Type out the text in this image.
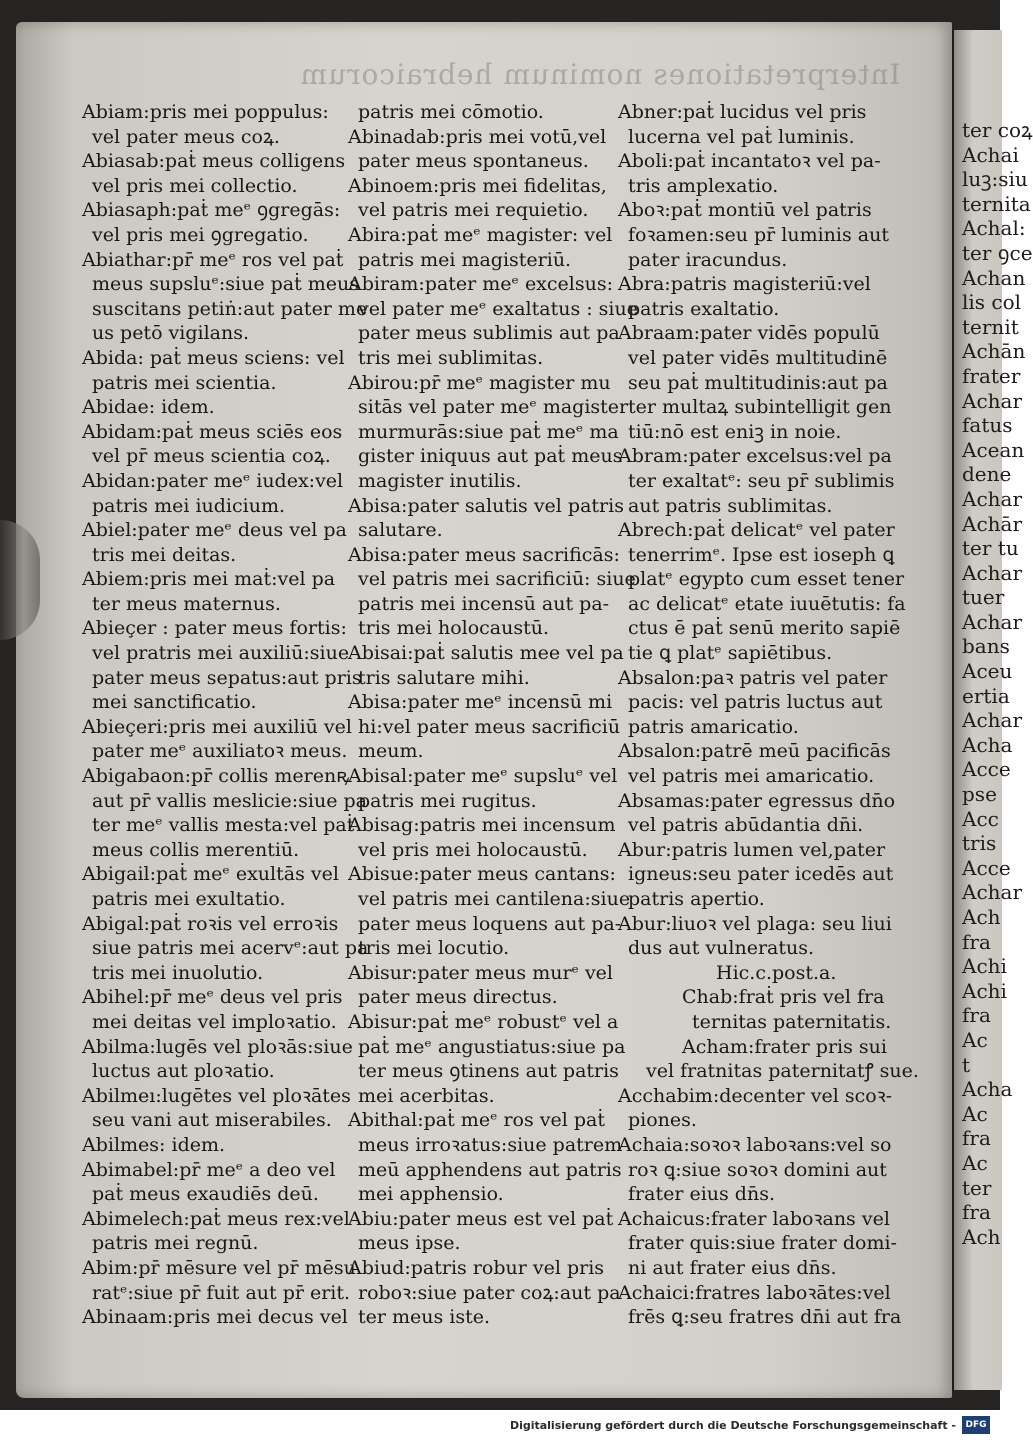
ter coꝝ
Achai
luꝫ:siu
ternita
Achal:
ter ꝯce
Achan
lis col
ternit
Achān
frater
Achar
fatus
Acean
dene
Achar
Achār
ter tu
Achar
tuer
Achar
bans
Aceu
ertia
Achar
Acha
Acce
pse
Acc
tris
Acce
Achar
Ach
fra
Achi
Achi
fra
Ac
t
Acha
Ac
fra
Ac
ter
fra
Ach
Interpretationes nominum hebraicorum
Abiam:pris mei poppulus:
vel pater meus coꝝ.
Abiasab:paṫ meus colligens
vel pris mei collectio.
Abiasaph:paṫ meᵉ ꝯgregās:
vel pris mei ꝯgregatio.
Abiathar:pr̄ meᵉ ros vel paṫ
meus supsluᵉ:siue paṫ meus
suscitans petiṅ:aut pater me
us petō vigilans.
Abida: paṫ meus sciens: vel
patris mei scientia.
Abidae: idem.
Abidam:paṫ meus sciēs eos
vel pr̄ meus scientia coꝝ.
Abidan:pater meᵉ iudex:vel
patris mei iudicium.
Abiel:pater meᵉ deus vel pa
tris mei deitas.
Abiem:pris mei maṫ:vel pa
ter meus maternus.
Abieçer : pater meus fortis:
vel pratris mei auxiliū:siue
pater meus sepatus:aut pris
mei sanctificatio.
Abieçeri:pris mei auxiliū vel
pater meᵉ auxiliatoꝛ meus.
Abigabaon:pr̄ collis merenꝶ
aut pr̄ vallis meslicie:siue pa
ter meᵉ vallis mesta:vel paṫ
meus collis merentiū.
Abigail:paṫ meᵉ exultās vel
patris mei exultatio.
Abigal:paṫ roꝛis vel erroꝛis
siue patris mei acervᵉ:aut pa
tris mei inuolutio.
Abihel:pr̄ meᵉ deus vel pris
mei deitas vel imploꝛatio.
Abilma:lugēs vel ploꝛās:siue
luctus aut ploꝛatio.
Abilmeı:lugētes vel ploꝛātes
seu vani aut miserabiles.
Abilmes: idem.
Abimabel:pr̄ meᵉ a deo vel
paṫ meus exaudiēs deū.
Abimelech:paṫ meus rex:vel
patris mei regnū.
Abim:pr̄ mēsure vel pr̄ mēsu
ratᵉ:siue pr̄ fuit aut pr̄ erit.
Abinaam:pris mei decus vel
patris mei cōmotio.
Abinadab:pris mei votū,vel
pater meus spontaneus.
Abinoem:pris mei fidelitas,
vel patris mei requietio.
Abira:paṫ meᵉ magister: vel
patris mei magisteriū.
Abiram:pater meᵉ excelsus:
vel pater meᵉ exaltatus : siue
pater meus sublimis aut pa
tris mei sublimitas.
Abirou:pr̄ meᵉ magister mu
sitās vel pater meᵉ magister
murmurās:siue paṫ meᵉ ma
gister iniquus aut paṫ meus
magister inutilis.
Abisa:pater salutis vel patris
salutare.
Abisa:pater meus sacrificās:
vel patris mei sacrificiū: siue
patris mei incensū aut pa-
tris mei holocaustū.
Abisai:paṫ salutis mee vel pa
tris salutare mihi.
Abisa:pater meᵉ incensū mi
hi:vel pater meus sacrificiū
meum.
Abisal:pater meᵉ supsluᵉ vel
patris mei rugitus.
Abisag:patris mei incensum
vel pris mei holocaustū.
Abisue:pater meus cantans:
vel patris mei cantilena:siue
pater meus loquens aut pa-
tris mei locutio.
Abisur:pater meus murᵉ vel
pater meus directus.
Abisur:paṫ meᵉ robustᵉ vel a
paṫ meᵉ angustiatus:siue pa
ter meus ꝯtinens aut patris
mei acerbitas.
Abithal:paṫ meᵉ ros vel paṫ
meus irroꝛatus:siue patrem
meū apphendens aut patris
mei apphensio.
Abiu:pater meus est vel paṫ
meus ipse.
Abiud:patris robur vel pris
roboꝛ:siue pater coꝝ:aut pa
ter meus iste.
Abner:paṫ lucidus vel pris
lucerna vel paṫ luminis.
Aboli:paṫ incantatoꝛ vel pa-
tris amplexatio.
Aboꝛ:paṫ montiū vel patris
foꝛamen:seu pr̄ luminis aut
pater iracundus.
Abra:patris magisteriū:vel
patris exaltatio.
Abraam:pater vidēs populū
vel pater vidēs multitudinē
seu paṫ multitudinis:aut pa
ter multaꝝ subintelligit gen
tiū:nō est eniꝫ in noie.
Abram:pater excelsus:vel pa
ter exaltatᵉ: seu pr̄ sublimis
aut patris sublimitas.
Abrech:paṫ delicatᵉ vel pater
tenerrimᵉ. Ipse est ioseph ꝗ
platᵉ egypto cum esset tener
ac delicatᵉ etate iuuētutis: fa
ctus ē paṫ senū merito sapiē
tie ꝗ platᵉ sapiētibus.
Absalon:paꝛ patris vel pater
pacis: vel patris luctus aut
patris amaricatio.
Absalon:patrē meū pacificās
vel patris mei amaricatio.
Absamas:pater egressus dn̄o
vel patris abūdantia dn̄i.
Abur:patris lumen vel,pater
igneus:seu pater icedēs aut
patris apertio.
Abur:liuoꝛ vel plaga: seu liui
dus aut vulneratus.
Hic.c.post.a.
Chab:fraṫ pris vel fra
ternitas paternitatis.
Acham:frater pris sui
vel fratnitas paternitatꝭ sue.
Acchabim:decenter vel scoꝛ-
piones.
Achaia:soꝛoꝛ laboꝛans:vel so
roꝛ ꝗ:siue soꝛoꝛ domini aut
frater eius dn̄s.
Achaicus:frater laboꝛans vel
frater quis:siue frater domi-
ni aut frater eius dn̄s.
Achaici:fratres laboꝛātes:vel
frēs ꝗ:seu fratres dn̄i aut fra
Digitalisierung gefördert durch die Deutsche Forschungsgemeinschaft -	DFG
